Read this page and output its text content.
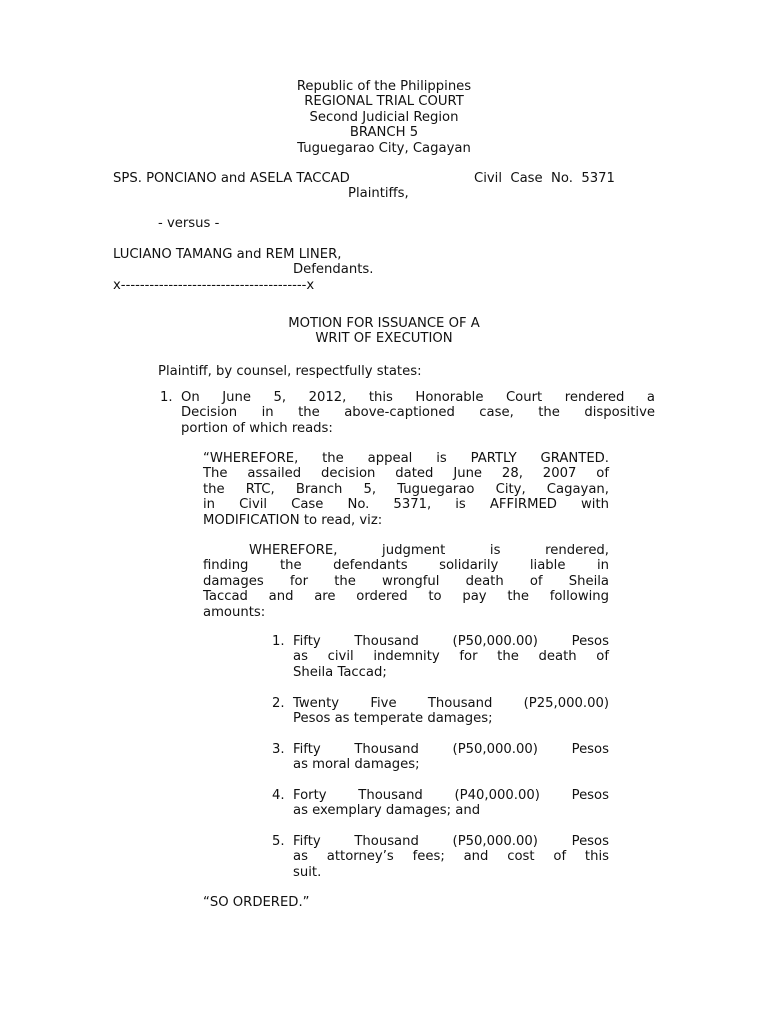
Republic of the Philippines
REGIONAL TRIAL COURT
Second Judicial Region
BRANCH 5
Tuguegarao City, Cagayan
SPS. PONCIANO and ASELA TACCAD	Civil  Case  No.  5371
Plaintiffs,
- versus -
LUCIANO TAMANG and REM LINER,
Defendants.
x---------------------------------------x
MOTION FOR ISSUANCE OF A
WRIT OF EXECUTION
Plaintiff, by counsel, respectfully states:
1. On June 5, 2012, this Honorable Court rendered a
Decision in the above-captioned case, the dispositive
portion of which reads:
“WHEREFORE, the appeal is PARTLY GRANTED.
The assailed decision dated June 28, 2007 of
the RTC, Branch 5, Tuguegarao City, Cagayan,
in Civil Case No. 5371, is AFFIRMED with
MODIFICATION to read, viz:
WHEREFORE, judgment is rendered,
finding the defendants solidarily liable in
damages for the wrongful death of Sheila
Taccad and are ordered to pay the following
amounts:
1. Fifty Thousand (P50,000.00) Pesos
as civil indemnity for the death of
Sheila Taccad;
2. Twenty Five Thousand (P25,000.00)
Pesos as temperate damages;
3. Fifty Thousand (P50,000.00) Pesos
as moral damages;
4. Forty Thousand (P40,000.00) Pesos
as exemplary damages; and
5. Fifty Thousand (P50,000.00) Pesos
as attorney’s fees; and cost of this
suit.
“SO ORDERED.”
